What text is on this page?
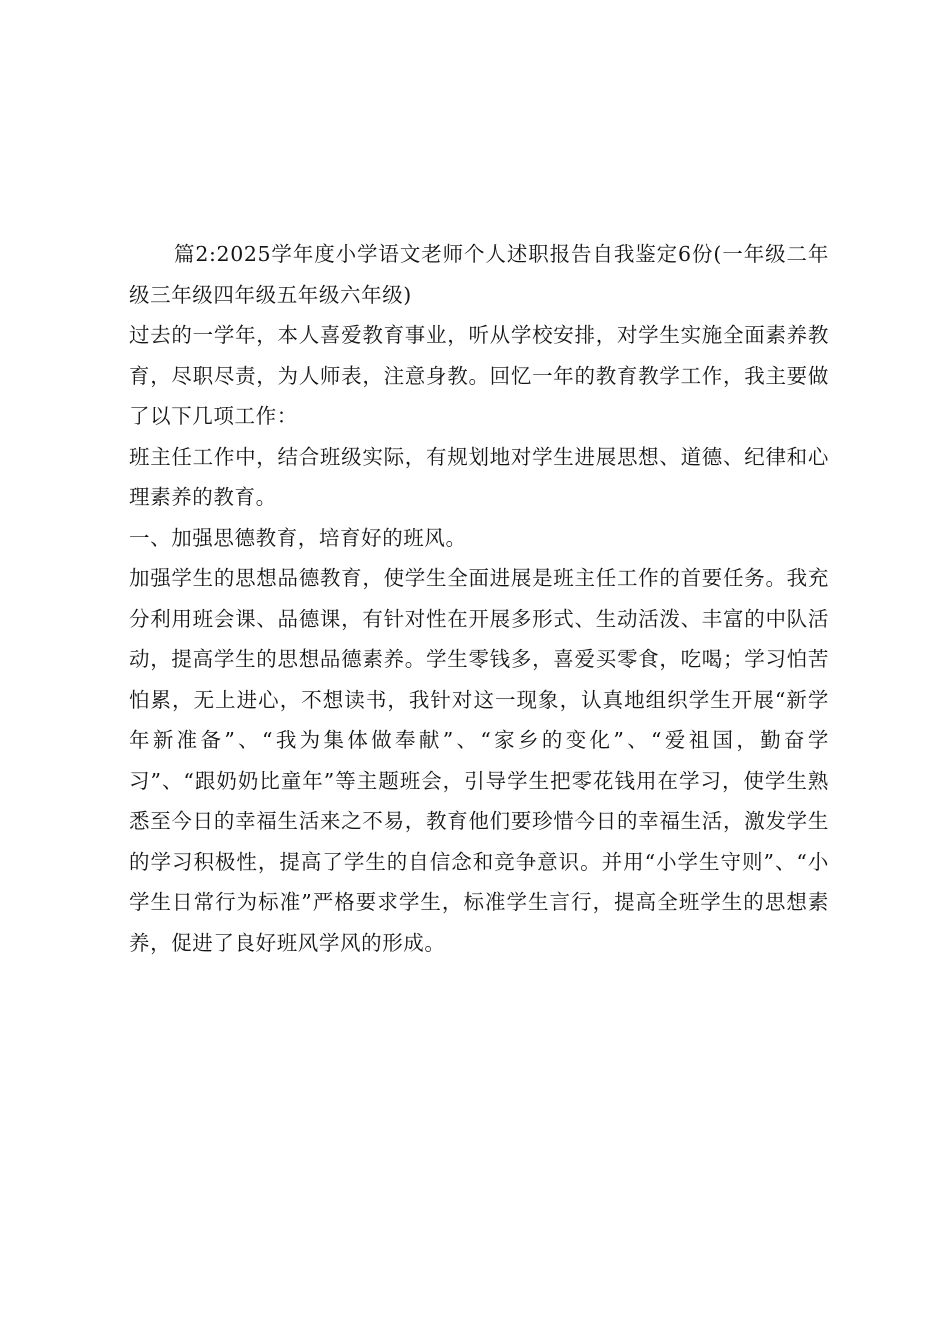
篇2:2025学年度小学语文老师个人述职报告自我鉴定6份(一年级二年级三年级四年级五年级六年级)

过去的一学年，本人喜爱教育事业，听从学校安排，对学生实施全面素养教育，尽职尽责，为人师表，注意身教。回忆一年的教育教学工作，我主要做了以下几项工作：

班主任工作中，结合班级实际，有规划地对学生进展思想、道德、纪律和心理素养的教育。

一、加强思德教育，培育好的班风。

加强学生的思想品德教育，使学生全面进展是班主任工作的首要任务。我充分利用班会课、品德课，有针对性在开展多形式、生动活泼、丰富的中队活动，提高学生的思想品德素养。学生零钱多，喜爱买零食，吃喝；学习怕苦怕累，无上进心，不想读书，我针对这一现象，认真地组织学生开展“新学年新准备”、“我为集体做奉献”、“家乡的变化”、“爱祖国，勤奋学习”、“跟奶奶比童年”等主题班会，引导学生把零花钱用在学习，使学生熟悉至今日的幸福生活来之不易，教育他们要珍惜今日的幸福生活，激发学生的学习积极性，提高了学生的自信念和竞争意识。并用“小学生守则”、“小学生日常行为标准”严格要求学生，标准学生言行，提高全班学生的思想素养，促进了良好班风学风的形成。
